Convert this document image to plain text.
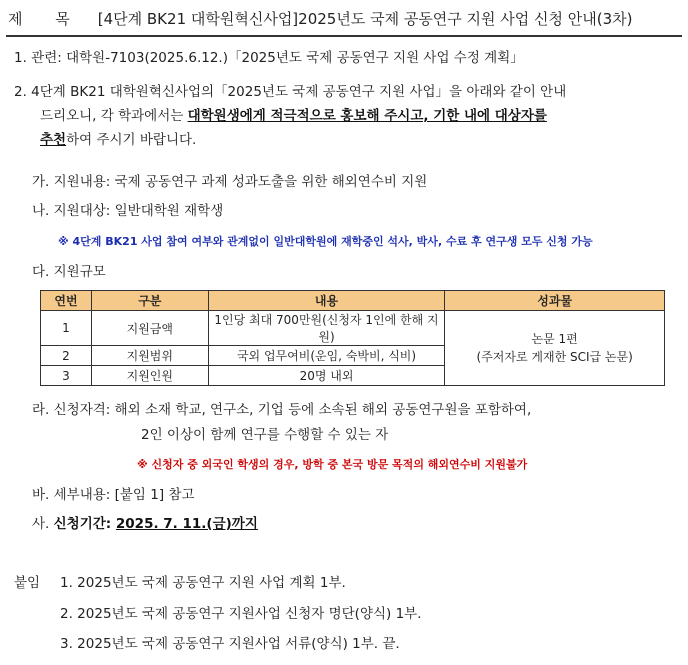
제 목 [4단계 BK21 대학원혁신사업]2025년도 국제 공동연구 지원 사업 신청 안내(3차)
1. 관련: 대학원-7103(2025.6.12.)「2025년도 국제 공동연구 지원 사업 수정 계획」
2. 4단계 BK21 대학원혁신사업의「2025년도 국제 공동연구 지원 사업」을 아래와 같이 안내
드리오니, 각 학과에서는 대학원생에게 적극적으로 홍보해 주시고, 기한 내에 대상자를
추천하여 주시기 바랍니다.
가. 지원내용: 국제 공동연구 과제 성과도출을 위한 해외연수비 지원
나. 지원대상: 일반대학원 재학생
※ 4단계 BK21 사업 참여 여부와 관계없이 일반대학원에 재학중인 석사, 박사, 수료 후 연구생 모두 신청 가능
다. 지원규모
연번	구분	내용	성과물
1	지원금액	1인당 최대 700만원(신청자 1인에 한해 지원)	논문 1편
(주저자로 게재한 SCI급 논문)

2	지원범위	국외 업무여비(운임, 숙박비, 식비)	
3	지원인원	20명 내외	
라. 신청자격: 해외 소재 학교, 연구소, 기업 등에 소속된 해외 공동연구원을 포함하여,
2인 이상이 함께 연구를 수행할 수 있는 자
※ 신청자 중 외국인 학생의 경우, 방학 중 본국 방문 목적의 해외연수비 지원불가
바. 세부내용: [붙임 1] 참고
사. 신청기간: 2025. 7. 11.(금)까지
붙임 1. 2025년도 국제 공동연구 지원 사업 계획 1부.
2. 2025년도 국제 공동연구 지원사업 신청자 명단(양식) 1부.
3. 2025년도 국제 공동연구 지원사업 서류(양식) 1부. 끝.
